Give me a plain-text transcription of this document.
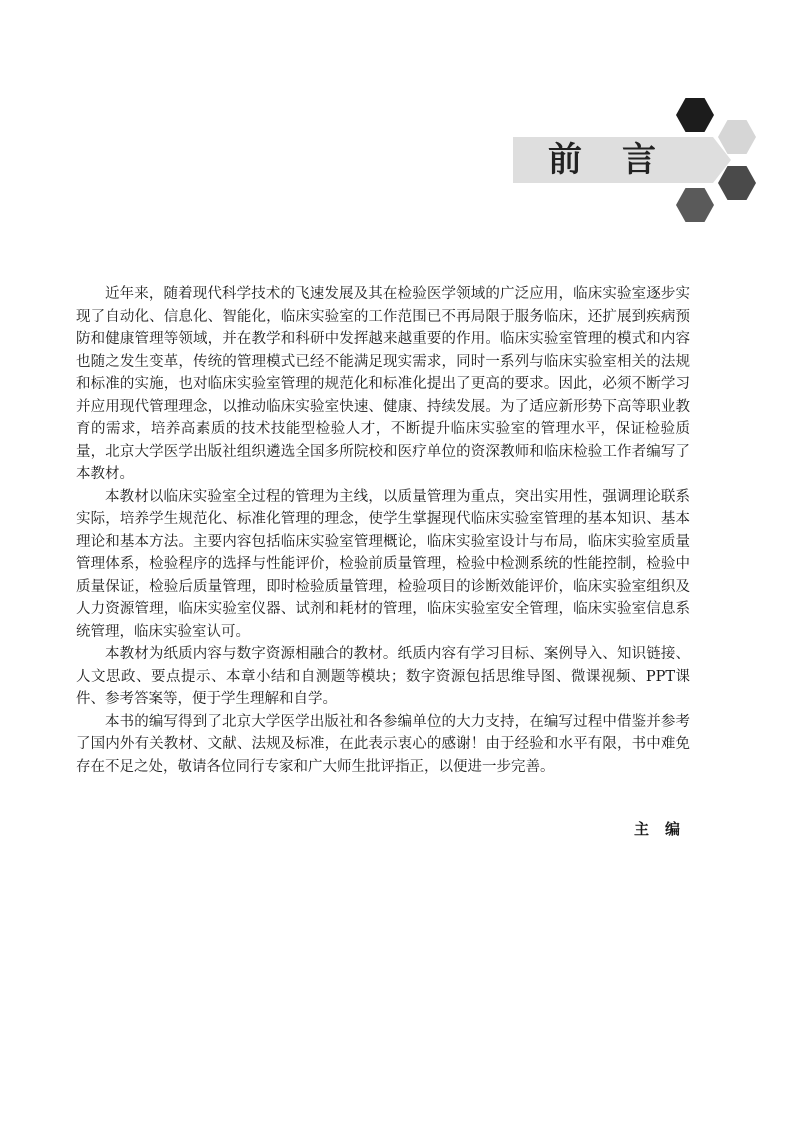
前言

近年来，随着现代科学技术的飞速发展及其在检验医学领域的广泛应用，临床实验室逐步实现了自动化、信息化、智能化，临床实验室的工作范围已不再局限于服务临床，还扩展到疾病预防和健康管理等领域，并在教学和科研中发挥越来越重要的作用。临床实验室管理的模式和内容也随之发生变革，传统的管理模式已经不能满足现实需求，同时一系列与临床实验室相关的法规和标准的实施，也对临床实验室管理的规范化和标准化提出了更高的要求。因此，必须不断学习并应用现代管理理念，以推动临床实验室快速、健康、持续发展。为了适应新形势下高等职业教育的需求，培养高素质的技术技能型检验人才，不断提升临床实验室的管理水平，保证检验质量，北京大学医学出版社组织遴选全国多所院校和医疗单位的资深教师和临床检验工作者编写了本教材。

本教材以临床实验室全过程的管理为主线，以质量管理为重点，突出实用性，强调理论联系实际，培养学生规范化、标准化管理的理念，使学生掌握现代临床实验室管理的基本知识、基本理论和基本方法。主要内容包括临床实验室管理概论，临床实验室设计与布局，临床实验室质量管理体系，检验程序的选择与性能评价，检验前质量管理，检验中检测系统的性能控制，检验中质量保证，检验后质量管理，即时检验质量管理，检验项目的诊断效能评价，临床实验室组织及人力资源管理，临床实验室仪器、试剂和耗材的管理，临床实验室安全管理，临床实验室信息系统管理，临床实验室认可。

本教材为纸质内容与数字资源相融合的教材。纸质内容有学习目标、案例导入、知识链接、人文思政、要点提示、本章小结和自测题等模块；数字资源包括思维导图、微课视频、PPT课件、参考答案等，便于学生理解和自学。

本书的编写得到了北京大学医学出版社和各参编单位的大力支持，在编写过程中借鉴并参考了国内外有关教材、文献、法规及标准，在此表示衷心的感谢！由于经验和水平有限，书中难免存在不足之处，敬请各位同行专家和广大师生批评指正，以便进一步完善。

主编
